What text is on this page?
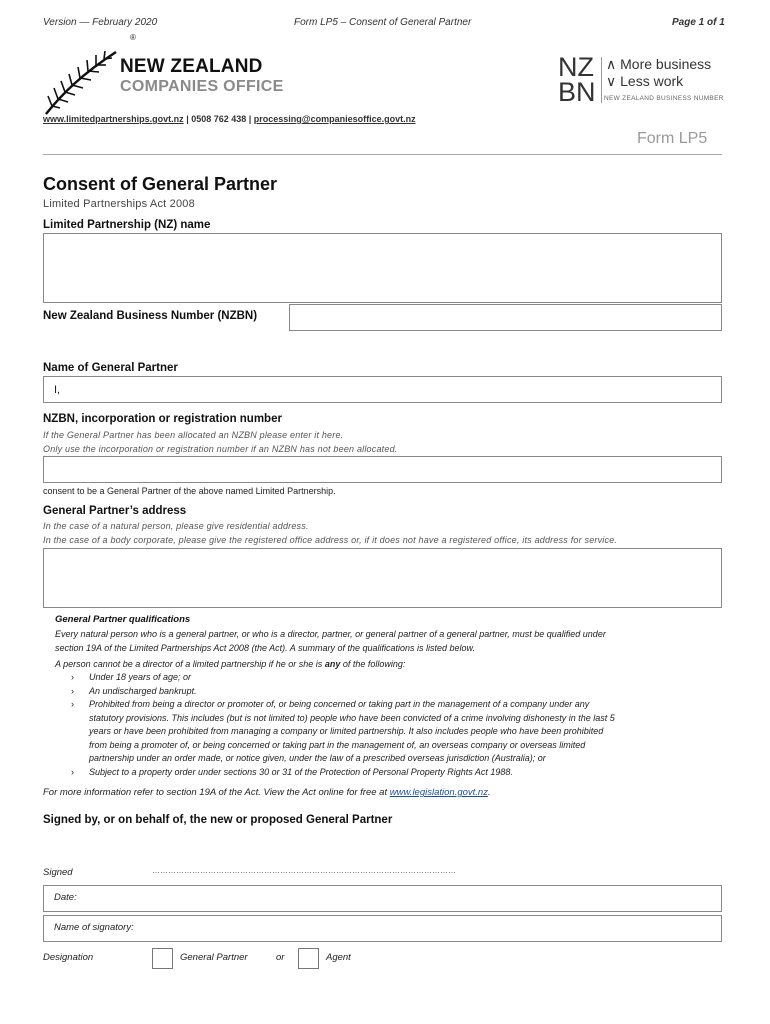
Version — February 2020	Form LP5 – Consent of General Partner	Page 1 of 1
®
NEW ZEALAND
COMPANIES OFFICE
NZ
BN
∧ More business
∨ Less work
NEW ZEALAND BUSINESS NUMBER
www.limitedpartnerships.govt.nz | 0508 762 438 | processing@companiesoffice.govt.nz
Form LP5
Consent of General Partner
Limited Partnerships Act 2008
Limited Partnership (NZ) name
New Zealand Business Number (NZBN)
Name of General Partner
I,
NZBN, incorporation or registration number
If the General Partner has been allocated an NZBN please enter it here.
Only use the incorporation or registration number if an NZBN has not been allocated.
consent to be a General Partner of the above named Limited Partnership.
General Partner’s address
In the case of a natural person, please give residential address.
In the case of a body corporate, please give the registered office address or, if it does not have a registered office, its address for service.
General Partner qualifications
Every natural person who is a general partner, or who is a director, partner, or general partner of a general partner, must be qualified under
section 19A of the Limited Partnerships Act 2008 (the Act). A summary of the qualifications is listed below.
A person cannot be a director of a limited partnership if he or she is any of the following:
› Under 18 years of age; or
› An undischarged bankrupt.
› Prohibited from being a director or promoter of, or being concerned or taking part in the management of a company under any
statutory provisions. This includes (but is not limited to) people who have been convicted of a crime involving dishonesty in the last 5
years or have been prohibited from managing a company or limited partnership. It also includes people who have been prohibited
from being a promoter of, or being concerned or taking part in the management of, an overseas company or overseas limited
partnership under an order made, or notice given, under the law of a prescribed overseas jurisdiction (Australia); or
› Subject to a property order under sections 30 or 31 of the Protection of Personal Property Rights Act 1988.
For more information refer to section 19A of the Act. View the Act online for free at www.legislation.govt.nz.
Signed by, or on behalf of, the new or proposed General Partner
Signed	……………………………………………………………………………………………………
Date:
Name of signatory:
Designation	General Partner	or	Agent
